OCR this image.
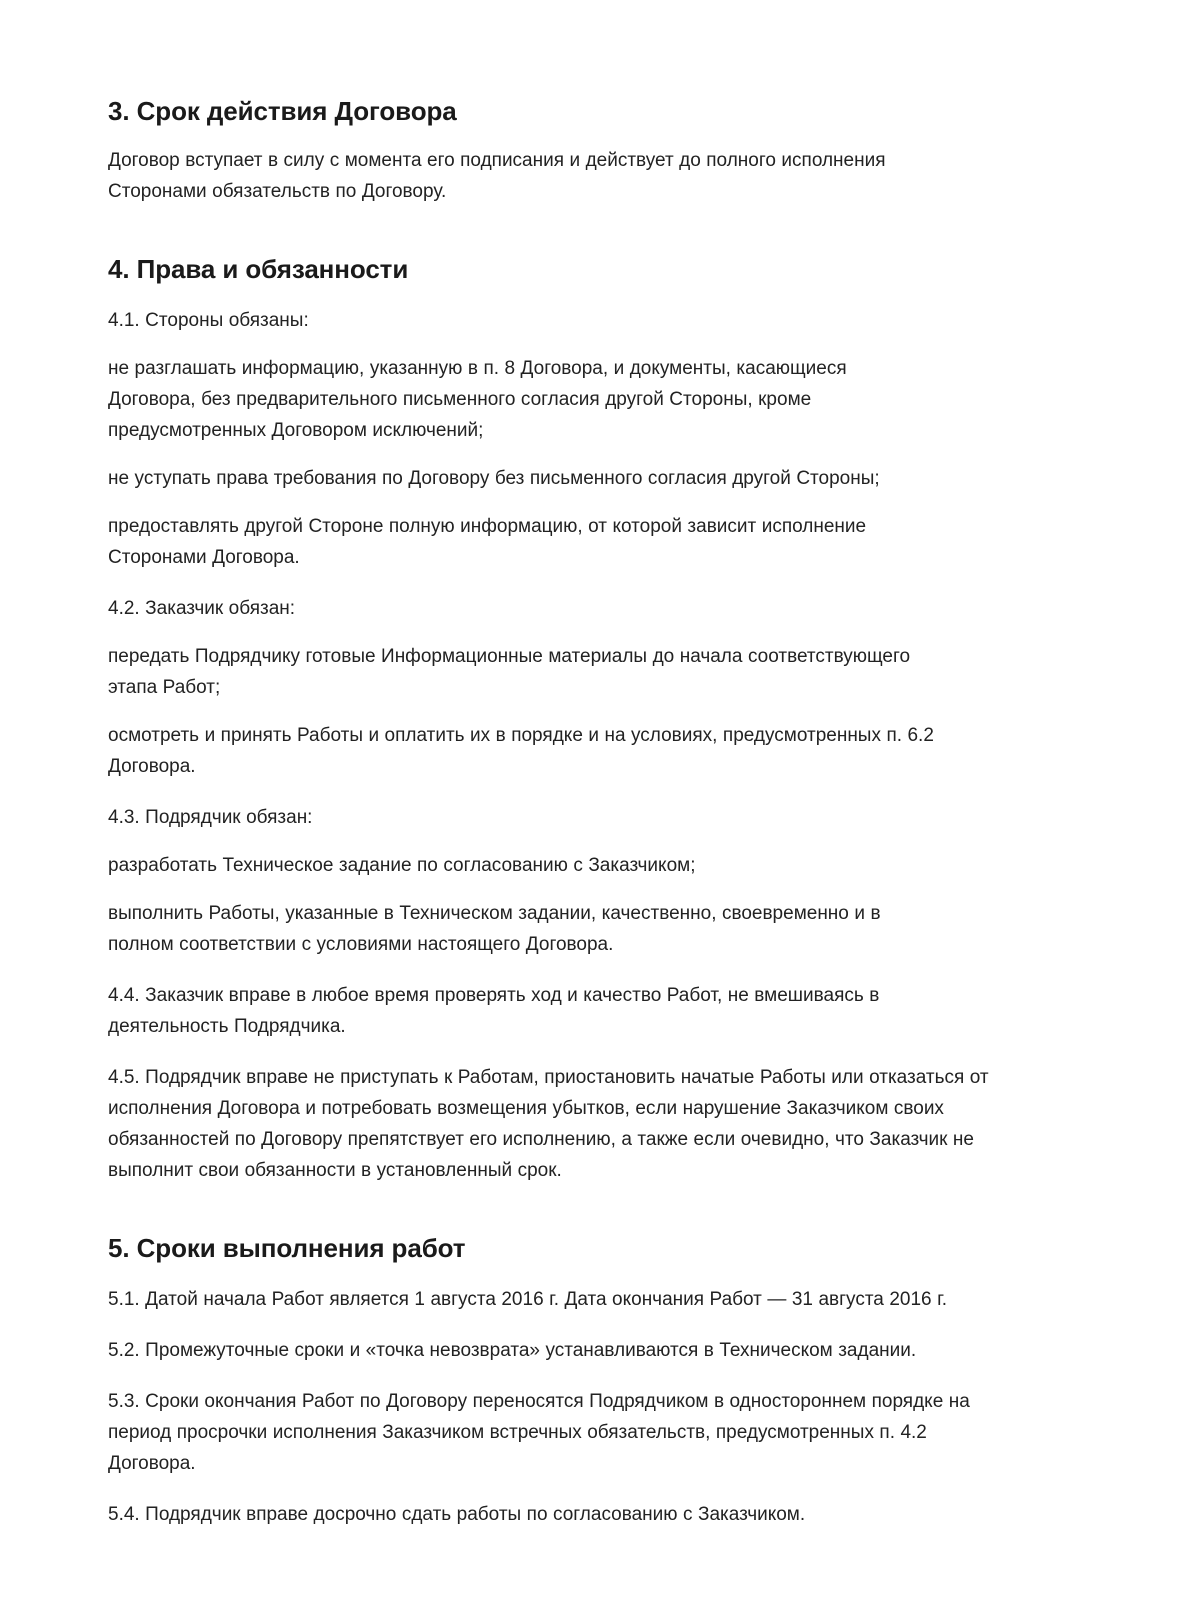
3. Срок действия Договора

Договор вступает в силу с момента его подписания и действует до полного исполнения Сторонами обязательств по Договору.

4. Права и обязанности

4.1. Стороны обязаны:

не разглашать информацию, указанную в п. 8 Договора, и документы, касающиеся Договора, без предварительного письменного согласия другой Стороны, кроме предусмотренных Договором исключений;

не уступать права требования по Договору без письменного согласия другой Стороны;

предоставлять другой Стороне полную информацию, от которой зависит исполнение Сторонами Договора.

4.2. Заказчик обязан:

передать Подрядчику готовые Информационные материалы до начала соответствующего этапа Работ;

осмотреть и принять Работы и оплатить их в порядке и на условиях, предусмотренных п. 6.2 Договора.

4.3. Подрядчик обязан:

разработать Техническое задание по согласованию с Заказчиком;

выполнить Работы, указанные в Техническом задании, качественно, своевременно и в полном соответствии с условиями настоящего Договора.

4.4. Заказчик вправе в любое время проверять ход и качество Работ, не вмешиваясь в деятельность Подрядчика.

4.5. Подрядчик вправе не приступать к Работам, приостановить начатые Работы или отказаться от исполнения Договора и потребовать возмещения убытков, если нарушение Заказчиком своих обязанностей по Договору препятствует его исполнению, а также если очевидно, что Заказчик не выполнит свои обязанности в установленный срок.

5. Сроки выполнения работ

5.1. Датой начала Работ является 1 августа 2016 г. Дата окончания Работ — 31 августа 2016 г.

5.2. Промежуточные сроки и «точка невозврата» устанавливаются в Техническом задании.

5.3. Сроки окончания Работ по Договору переносятся Подрядчиком в одностороннем порядке на период просрочки исполнения Заказчиком встречных обязательств, предусмотренных п. 4.2 Договора.

5.4. Подрядчик вправе досрочно сдать работы по согласованию с Заказчиком.
